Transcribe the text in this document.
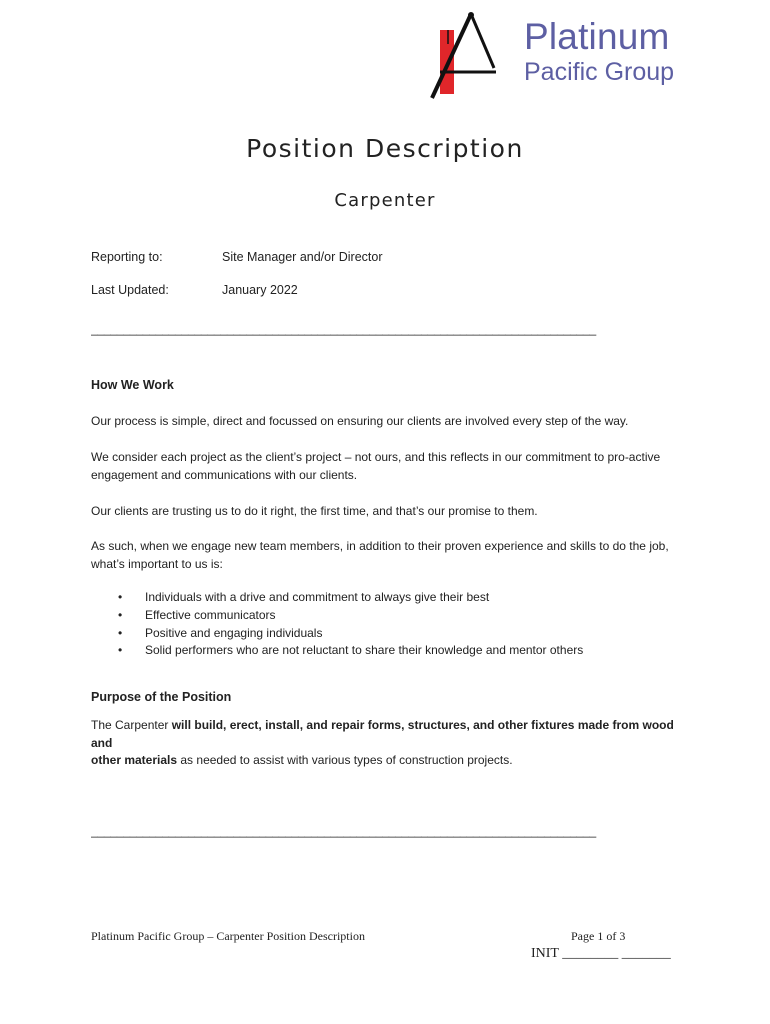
Platinum
Pacific Group
Position Description
Carpenter
Reporting to:	Site Manager and/or Director
Last Updated:	January 2022
______________________________________________________________________________
How We Work
Our process is simple, direct and focussed on ensuring our clients are involved every step of the way.
We consider each project as the client’s project – not ours, and this reflects in our commitment to pro-active engagement and communications with our clients.
Our clients are trusting us to do it right, the first time, and that’s our promise to them.
As such, when we engage new team members, in addition to their proven experience and skills to do the job, what’s important to us is:
• Individuals with a drive and commitment to always give their best
• Effective communicators
• Positive and engaging individuals
• Solid performers who are not reluctant to share their knowledge and mentor others
Purpose of the Position
The Carpenter will build, erect, install, and repair forms, structures, and other fixtures made from wood and
other materials as needed to assist with various types of construction projects.
______________________________________________________________________________
Platinum Pacific Group – Carpenter Position Description	Page 1 of 3
INIT ________ _______
